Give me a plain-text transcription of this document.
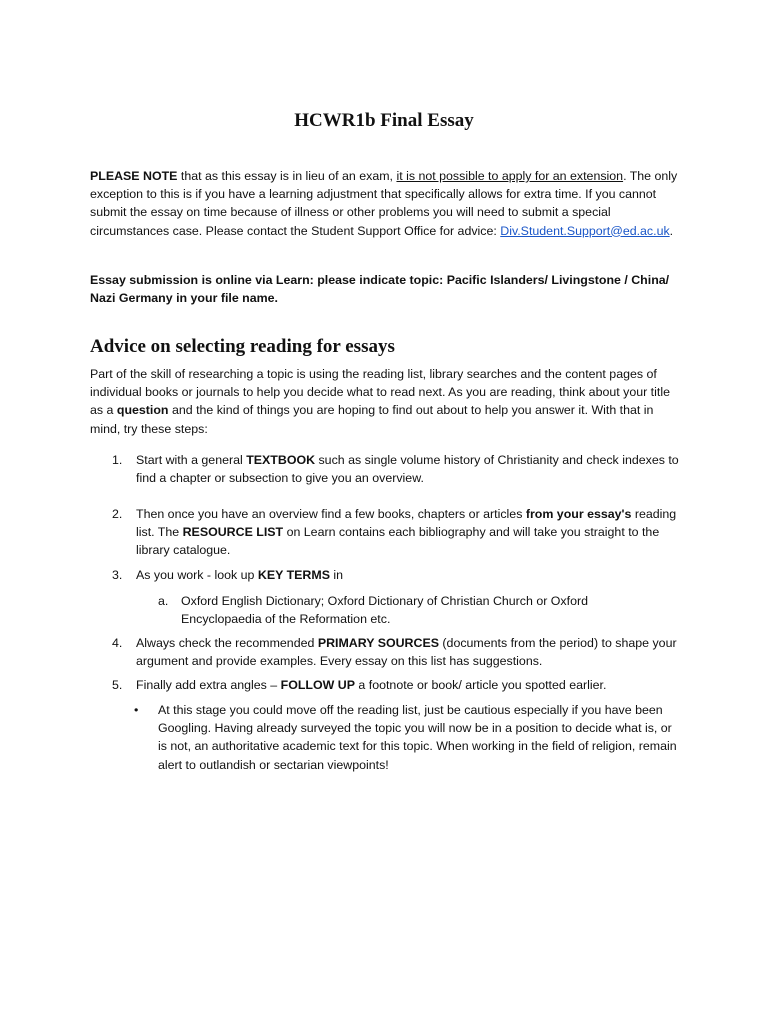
HCWR1b Final Essay

PLEASE NOTE that as this essay is in lieu of an exam, it is not possible to apply for an extension. The only exception to this is if you have a learning adjustment that specifically allows for extra time. If you cannot submit the essay on time because of illness or other problems you will need to submit a special circumstances case. Please contact the Student Support Office for advice: Div.Student.Support@ed.ac.uk.

Essay submission is online via Learn: please indicate topic: Pacific Islanders/ Livingstone / China/ Nazi Germany in your file name.

Advice on selecting reading for essays

Part of the skill of researching a topic is using the reading list, library searches and the content pages of individual books or journals to help you decide what to read next. As you are reading, think about your title as a question and the kind of things you are hoping to find out about to help you answer it. With that in mind, try these steps:

1. Start with a general TEXTBOOK such as single volume history of Christianity and check indexes to find a chapter or subsection to give you an overview.
2. Then once you have an overview find a few books, chapters or articles from your essay's reading list. The RESOURCE LIST on Learn contains each bibliography and will take you straight to the library catalogue.
3. As you work - look up KEY TERMS in
4. Always check the recommended PRIMARY SOURCES (documents from the period) to shape your argument and provide examples. Every essay on this list has suggestions.
5. Finally add extra angles – FOLLOW UP a footnote or book/ article you spotted earlier.
a. Oxford English Dictionary; Oxford Dictionary of Christian Church or Oxford Encyclopaedia of the Reformation etc.
• At this stage you could move off the reading list, just be cautious especially if you have been Googling. Having already surveyed the topic you will now be in a position to decide what is, or is not, an authoritative academic text for this topic. When working in the field of religion, remain alert to outlandish or sectarian viewpoints!
